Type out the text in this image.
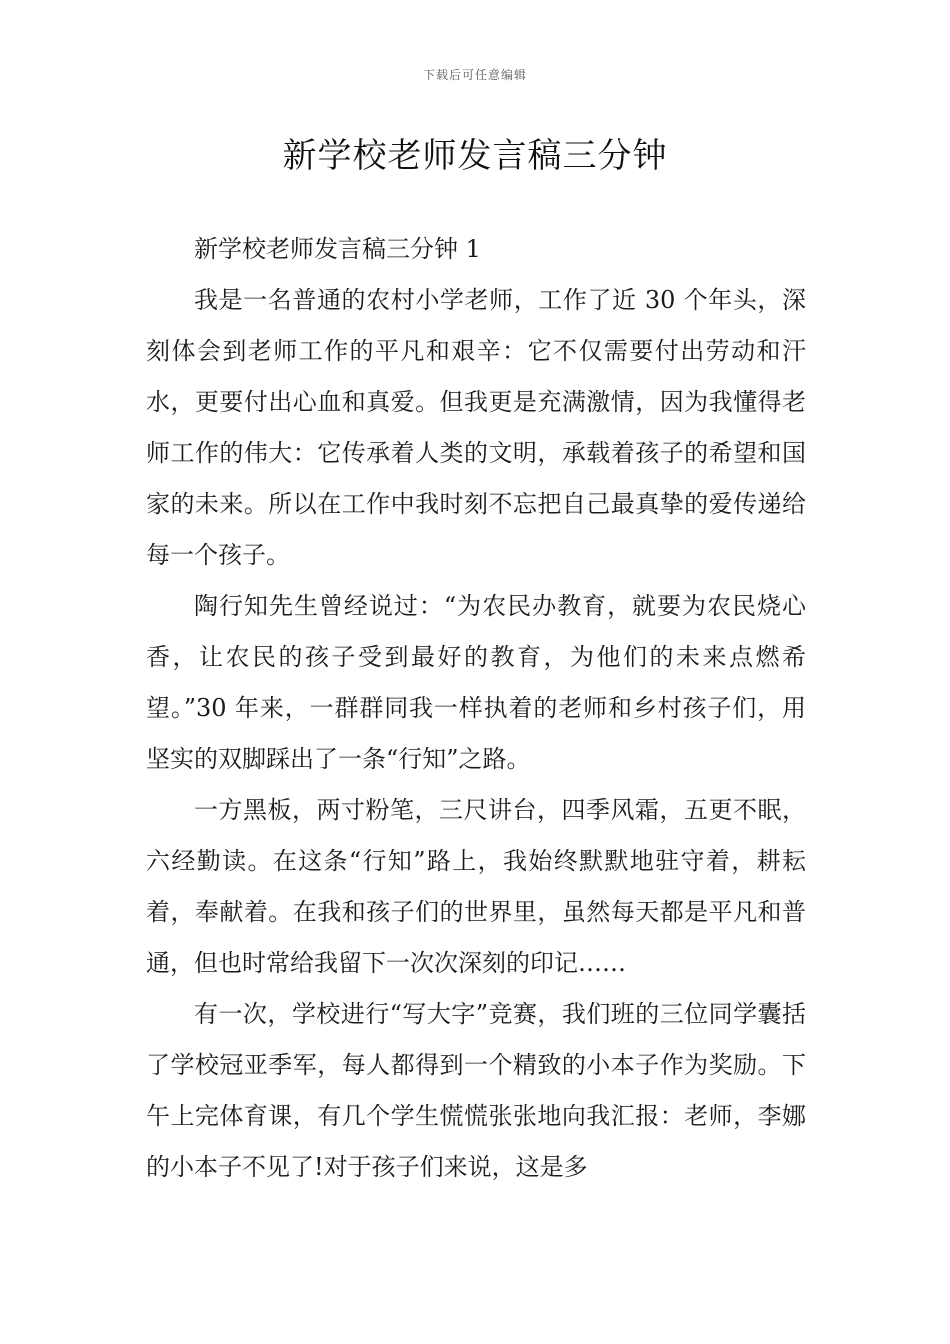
下载后可任意编辑
新学校老师发言稿三分钟

新学校老师发言稿三分钟 1

我是一名普通的农村小学老师，工作了近 30 个年头，深刻体会到老师工作的平凡和艰辛：它不仅需要付出劳动和汗水，更要付出心血和真爱。但我更是充满激情，因为我懂得老师工作的伟大：它传承着人类的文明，承载着孩子的希望和国家的未来。所以在工作中我时刻不忘把自己最真挚的爱传递给每一个孩子。

陶行知先生曾经说过：“为农民办教育，就要为农民烧心香，让农民的孩子受到最好的教育，为他们的未来点燃希望。”30 年来，一群群同我一样执着的老师和乡村孩子们，用坚实的双脚踩出了一条“行知”之路。

一方黑板，两寸粉笔，三尺讲台，四季风霜，五更不眠，六经勤读。在这条“行知”路上，我始终默默地驻守着，耕耘着，奉献着。在我和孩子们的世界里，虽然每天都是平凡和普通，但也时常给我留下一次次深刻的印记……

有一次，学校进行“写大字”竞赛，我们班的三位同学囊括了学校冠亚季军，每人都得到一个精致的小本子作为奖励。下午上完体育课，有几个学生慌慌张张地向我汇报：老师，李娜的小本子不见了!对于孩子们来说，这是多
